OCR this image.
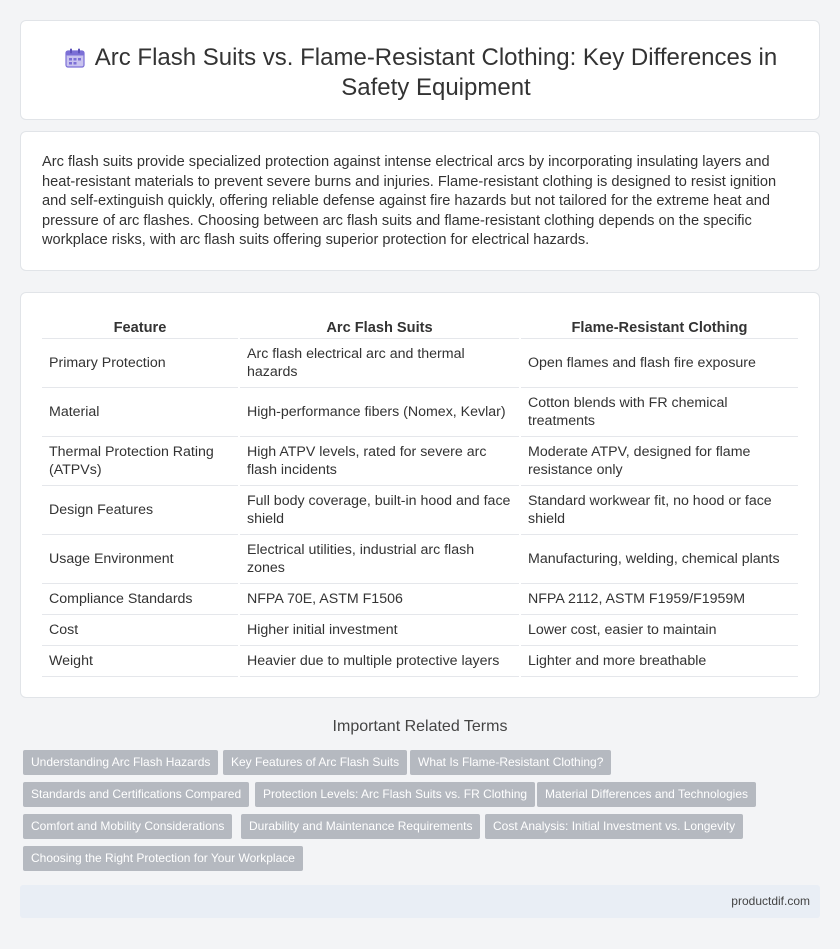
Arc Flash Suits vs. Flame-Resistant Clothing: Key Differences in Safety Equipment

Arc flash suits provide specialized protection against intense electrical arcs by incorporating insulating layers and heat-resistant materials to prevent severe burns and injuries. Flame-resistant clothing is designed to resist ignition and self-extinguish quickly, offering reliable defense against fire hazards but not tailored for the extreme heat and pressure of arc flashes. Choosing between arc flash suits and flame-resistant clothing depends on the specific workplace risks, with arc flash suits offering superior protection for electrical hazards.

Feature	Arc Flash Suits	Flame-Resistant Clothing
Primary Protection	Arc flash electrical arc and thermal hazards	Open flames and flash fire exposure
Material	High-performance fibers (Nomex, Kevlar)	Cotton blends with FR chemical treatments
Thermal Protection Rating (ATPVs)	High ATPV levels, rated for severe arc flash incidents	Moderate ATPV, designed for flame resistance only
Design Features	Full body coverage, built-in hood and face shield	Standard workwear fit, no hood or face shield
Usage Environment	Electrical utilities, industrial arc flash zones	Manufacturing, welding, chemical plants
Compliance Standards	NFPA 70E, ASTM F1506	NFPA 2112, ASTM F1959/F1959M
Cost	Higher initial investment	Lower cost, easier to maintain
Weight	Heavier due to multiple protective layers	Lighter and more breathable
Important Related Terms
Understanding Arc Flash Hazards	Key Features of Arc Flash Suits	What Is Flame-Resistant Clothing?
Standards and Certifications Compared	Protection Levels: Arc Flash Suits vs. FR Clothing	Material Differences and Technologies
Comfort and Mobility Considerations	Durability and Maintenance Requirements	Cost Analysis: Initial Investment vs. Longevity
Choosing the Right Protection for Your Workplace
productdif.com
